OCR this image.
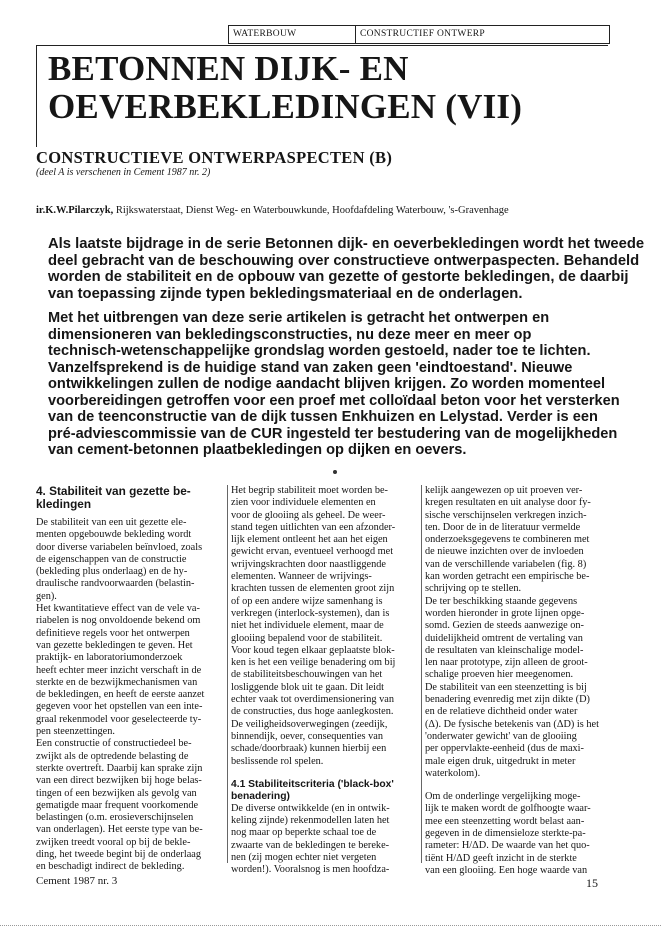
WATERBOUW	CONSTRUCTIEF ONTWERP
BETONNEN DIJK- EN
OEVERBEKLEDINGEN (VII)
CONSTRUCTIEVE ONTWERPASPECTEN (B)
(deel A is verschenen in Cement 1987 nr. 2)
ir.K.W.Pilarczyk, Rijkswaterstaat, Dienst Weg- en Waterbouwkunde, Hoofdafdeling Waterbouw, 's-Gravenhage
Als laatste bijdrage in de serie Betonnen dijk- en oeverbekledingen wordt het tweede
deel gebracht van de beschouwing over constructieve ontwerpaspecten. Behandeld
worden de stabiliteit en de opbouw van gezette of gestorte bekledingen, de daarbij
van toepassing zijnde typen bekledingsmateriaal en de onderlagen.
Met het uitbrengen van deze serie artikelen is getracht het ontwerpen en
dimensioneren van bekledingsconstructies, nu deze meer en meer op
technisch-wetenschappelijke grondslag worden gestoeld, nader toe te lichten.
Vanzelfsprekend is de huidige stand van zaken geen 'eindtoestand'. Nieuwe
ontwikkelingen zullen de nodige aandacht blijven krijgen. Zo worden momenteel
voorbereidingen getroffen voor een proef met colloïdaal beton voor het versterken
van de teenconstructie van de dijk tussen Enkhuizen en Lelystad. Verder is een
pré-adviescommissie van de CUR ingesteld ter bestudering van de mogelijkheden
van cement-betonnen plaatbekledingen op dijken en oevers.
4. Stabiliteit van gezette be-
kledingen
De stabiliteit van een uit gezette ele-
menten opgebouwde bekleding wordt
door diverse variabelen beïnvloed, zoals
de eigenschappen van de constructie
(bekleding plus onderlaag) en de hy-
draulische randvoorwaarden (belastin-
gen).
Het kwantitatieve effect van de vele va-
riabelen is nog onvoldoende bekend om
definitieve regels voor het ontwerpen
van gezette bekledingen te geven. Het
praktijk- en laboratoriumonderzoek
heeft echter meer inzicht verschaft in de
sterkte en de bezwijkmechanismen van
de bekledingen, en heeft de eerste aanzet
gegeven voor het opstellen van een inte-
graal rekenmodel voor geselecteerde ty-
pen steenzettingen.
Een constructie of constructiedeel be-
zwijkt als de optredende belasting de
sterkte overtreft. Daarbij kan sprake zijn
van een direct bezwijken bij hoge belas-
tingen of een bezwijken als gevolg van
gematigde maar frequent voorkomende
belastingen (o.m. erosieverschijnselen
van onderlagen). Het eerste type van be-
zwijken treedt vooral op bij de bekle-
ding, het tweede begint bij de onderlaag
en beschadigt indirect de bekleding.
Het begrip stabiliteit moet worden be-
zien voor individuele elementen en
voor de glooiing als geheel. De weer-
stand tegen uitlichten van een afzonder-
lijk element ontleent het aan het eigen
gewicht ervan, eventueel verhoogd met
wrijvingskrachten door naastliggende
elementen. Wanneer de wrijvings-
krachten tussen de elementen groot zijn
of op een andere wijze samenhang is
verkregen (interlock-systemen), dan is
niet het individuele element, maar de
glooiing bepalend voor de stabiliteit.
Voor koud tegen elkaar geplaatste blok-
ken is het een veilige benadering om bij
de stabiliteitsbeschouwingen van het
losliggende blok uit te gaan. Dit leidt
echter vaak tot overdimensionering van
de constructies, dus hoge aanlegkosten.
De veiligheidsoverwegingen (zeedijk,
binnendijk, oever, consequenties van
schade/doorbraak) kunnen hierbij een
beslissende rol spelen.
4.1 Stabiliteitscriteria ('black-box'
benadering)
De diverse ontwikkelde (en in ontwik-
keling zijnde) rekenmodellen laten het
nog maar op beperkte schaal toe de
zwaarte van de bekledingen te bereke-
nen (zij mogen echter niet vergeten
worden!). Vooralsnog is men hoofdza-
kelijk aangewezen op uit proeven ver-
kregen resultaten en uit analyse door fy-
sische verschijnselen verkregen inzich-
ten. Door de in de literatuur vermelde
onderzoeksgegevens te combineren met
de nieuwe inzichten over de invloeden
van de verschillende variabelen (fig. 8)
kan worden getracht een empirische be-
schrijving op te stellen.
De ter beschikking staande gegevens
worden hieronder in grote lijnen opge-
somd. Gezien de steeds aanwezige on-
duidelijkheid omtrent de vertaling van
de resultaten van kleinschalige model-
len naar prototype, zijn alleen de groot-
schalige proeven hier meegenomen.
De stabiliteit van een steenzetting is bij
benadering evenredig met zijn dikte (D)
en de relatieve dichtheid onder water
(Δ). De fysische betekenis van (ΔD) is het
'onderwater gewicht' van de glooiing
per oppervlakte-eenheid (dus de maxi-
male eigen druk, uitgedrukt in meter
waterkolom).
Om de onderlinge vergelijking moge-
lijk te maken wordt de golfhoogte waar-
mee een steenzetting wordt belast aan-
gegeven in de dimensieloze sterkte-pa-
rameter: H/ΔD. De waarde van het quo-
tiënt H/ΔD geeft inzicht in de sterkte
van een glooiing. Een hoge waarde van
Cement 1987 nr. 3	15
